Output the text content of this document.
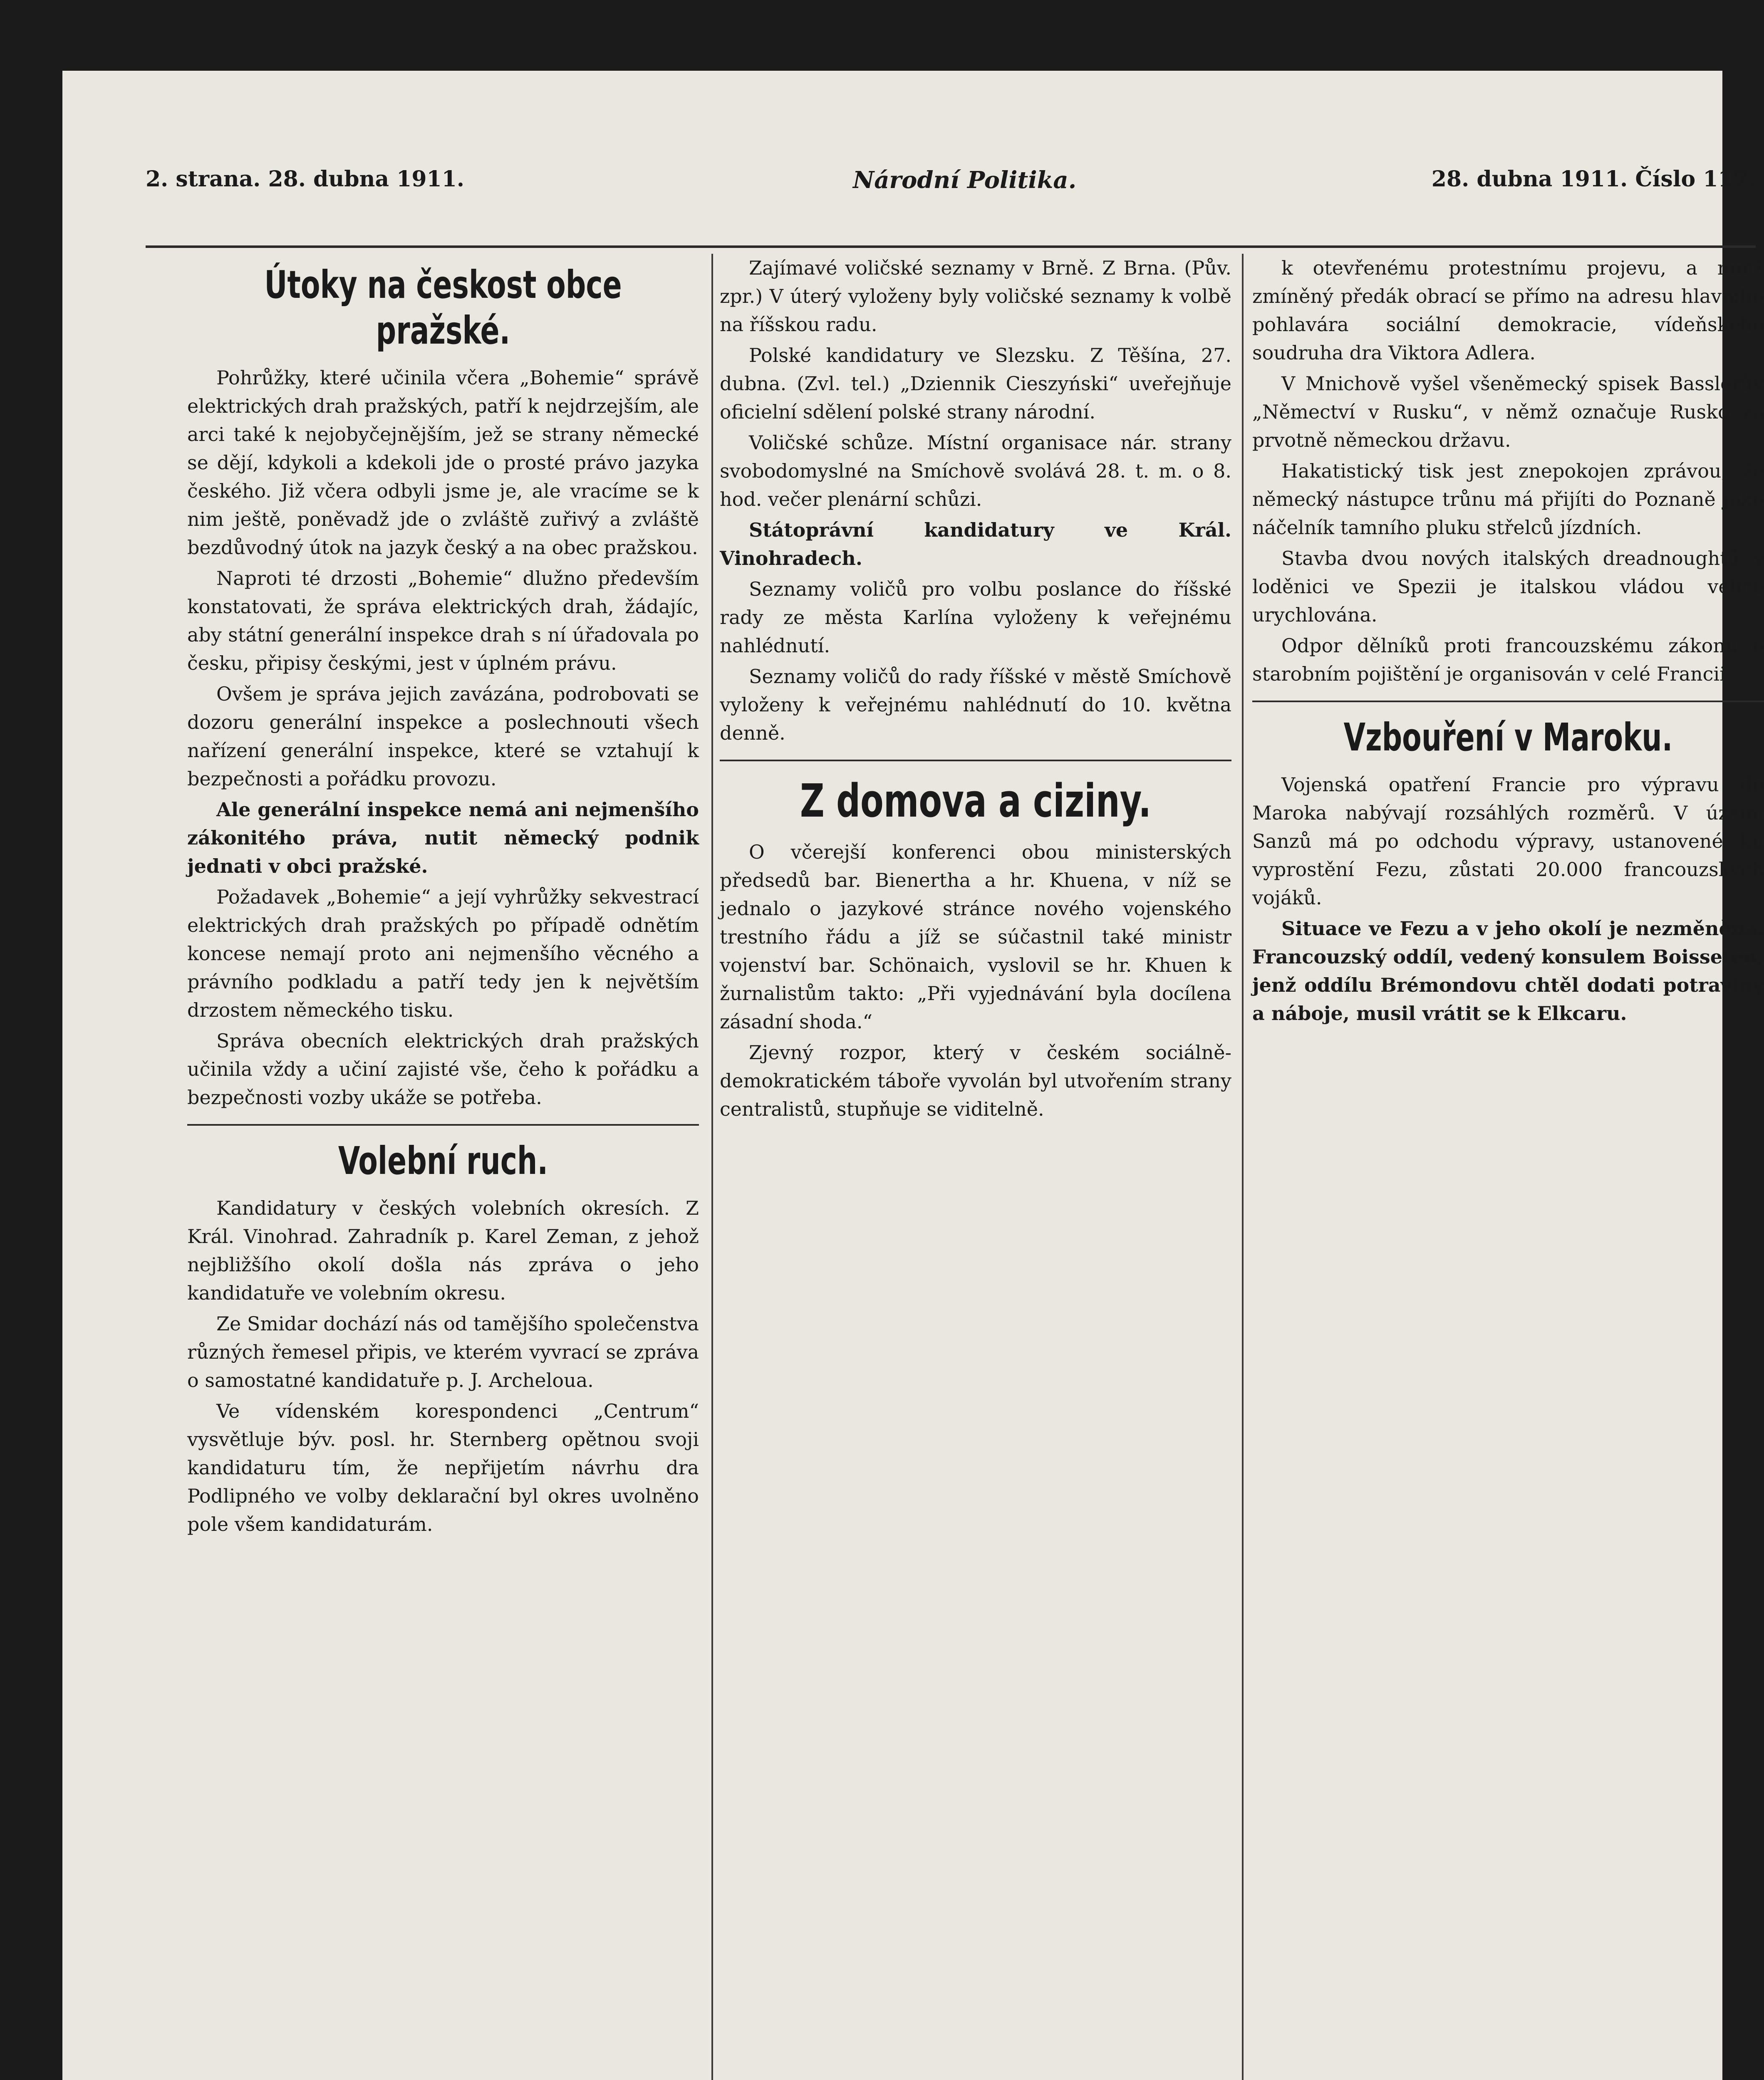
2. strana. 28. dubna 1911.	Národní Politika.	28. dubna 1911. Číslo 117.
Útoky na českost obce pražské.

Pohrůžky, které učinila včera „Bohemie“ správě elektrických drah pražských, patří k nejdrzejším, ale arci také k nejobyčejnějším, jež se strany německé se dějí, kdykoli a kdekoli jde o prosté právo jazyka českého. Již včera odbyli jsme je, ale vracíme se k nim ještě, poněvadž jde o zvláště zuřivý a zvláště bezdůvodný útok na jazyk český a na obec pražskou.

Naproti té drzosti „Bohemie“ dlužno především konstatovati, že správa elektrických drah, žádajíc, aby státní generální inspekce drah s ní úřadovala po česku, připisy českými, jest v úplném právu.

Ovšem je správa jejich zavázána, podrobovati se dozoru generální inspekce a poslechnouti všech nařízení generální inspekce, které se vztahují k bezpečnosti a pořádku provozu.

Ale generální inspekce nemá ani nejmenšího zákonitého práva, nutit německý podnik jednati v obci pražské.

Požadavek „Bohemie“ a její vyhrůžky sekvestrací elektrických drah pražských po případě odnětím koncese nemají proto ani nejmenšího věcného a právního podkladu a patří tedy jen k největším drzostem německého tisku.

Správa obecních elektrických drah pražských učinila vždy a učiní zajisté vše, čeho k pořádku a bezpečnosti vozby ukáže se potřeba.

Volební ruch.

Kandidatury v českých volebních okresích. Z Král. Vinohrad. Zahradník p. Karel Zeman, z jehož nejbližšího okolí došla nás zpráva o jeho kandidatuře ve volebním okresu.

Ze Smidar dochází nás od tamějšího společenstva různých řemesel připis, ve kterém vyvrací se zpráva o samostatné kandidatuře p. J. Archeloua.

Ve vídenském korespondenci „Centrum“ vysvětluje býv. posl. hr. Sternberg opětnou svoji kandidaturu tím, že nepřijetím návrhu dra Podlipného ve volby deklarační byl okres uvolněno pole všem kandidaturám.

Zajímavé voličské seznamy v Brně. Z Brna. (Pův. zpr.) V úterý vyloženy byly voličské seznamy k volbě na říšskou radu.

Polské kandidatury ve Slezsku. Z Těšína, 27. dubna. (Zvl. tel.) „Dziennik Cieszyński“ uveřejňuje oficielní sdělení polské strany národní.

Voličské schůze. Místní organisace nár. strany svobodomyslné na Smíchově svolává 28. t. m. o 8. hod. večer plenární schůzi.

Státoprávní kandidatury ve Král. Vinohradech.

Seznamy voličů pro volbu poslance do říšské rady ze města Karlína vyloženy k veřejnému nahlédnutí.

Seznamy voličů do rady říšské v městě Smíchově vyloženy k veřejnému nahlédnutí do 10. května denně.

Z domova a ciziny.

O včerejší konferenci obou ministerských předsedů bar. Bienertha a hr. Khuena, v níž se jednalo o jazykové stránce nového vojenského trestního řádu a jíž se súčastnil také ministr vojenství bar. Schönaich, vyslovil se hr. Khuen k žurnalistům takto: „Při vyjednávání byla docílena zásadní shoda.“

Zjevný rozpor, který v českém sociálně-demokratickém táboře vyvolán byl utvořením strany centralistů, stupňuje se viditelně.

k otevřenému protestnímu projevu, a nimž zmíněný předák obrací se přímo na adresu hlavního pohlavára sociální demokracie, vídeňského soudruha dra Viktora Adlera.

V Mnichově vyšel všeněmecký spisek Basslerův „Němectví v Rusku“, v němž označuje Rusko za prvotně německou državu.

Hakatistický tisk jest znepokojen zprávou, že německý nástupce trůnu má přijíti do Poznaně jako náčelník tamního pluku střelců jízdních.

Stavba dvou nových italských dreadnoughtů v loděnici ve Spezii je italskou vládou velice urychlována.

Odpor dělníků proti francouzskému zákonu o starobním pojištění je organisován v celé Francii.

Vzbouření v Maroku.

Vojenská opatření Francie pro výpravu do Maroka nabývají rozsáhlých rozměrů. V území Sanzů má po odchodu výpravy, ustanovené ku vyprostění Fezu, zůstati 20.000 francouzských vojáků.

Situace ve Fezu a v jeho okolí je nezměněna. Francouzský oddíl, vedený konsulem Boisseten, jenž oddílu Brémondovu chtěl dodati potraviny a náboje, musil vrátit se k Elkcaru.
